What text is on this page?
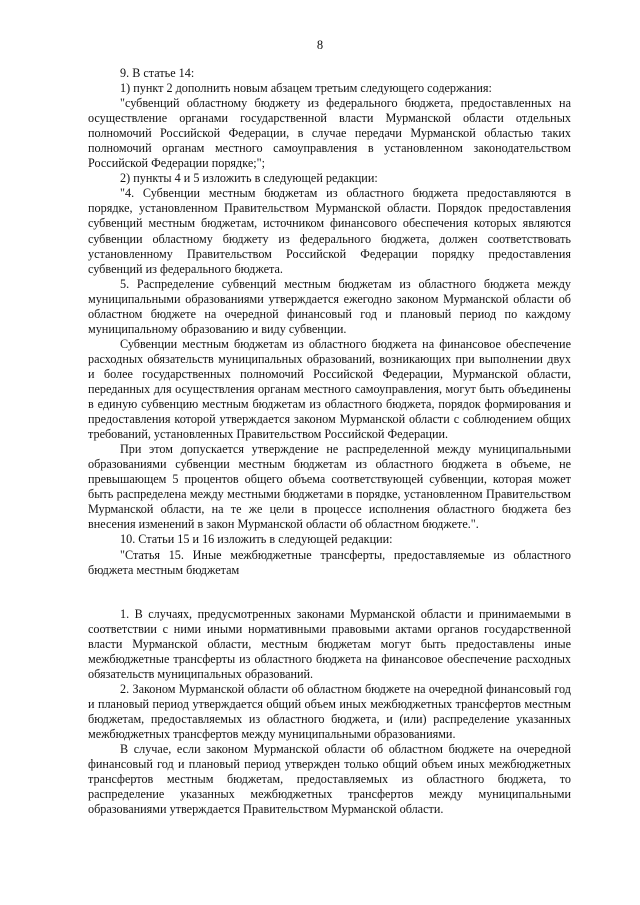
8

9. В статье 14:

1) пункт 2 дополнить новым абзацем третьим следующего содержания:

"субвенций областному бюджету из федерального бюджета, предоставленных на осуществление органами государственной власти Мурманской области отдельных полномочий Российской Федерации, в случае передачи Мурманской областью таких полномочий органам местного самоуправления в установленном законодательством Российской Федерации порядке;";

2) пункты 4 и 5 изложить в следующей редакции:

"4. Субвенции местным бюджетам из областного бюджета предоставляются в порядке, установленном Правительством Мурманской области. Порядок предоставления субвенций местным бюджетам, источником финансового обеспечения которых являются субвенции областному бюджету из федерального бюджета, должен соответствовать установленному Правительством Российской Федерации порядку предоставления субвенций из федерального бюджета.

5. Распределение субвенций местным бюджетам из областного бюджета между муниципальными образованиями утверждается ежегодно законом Мурманской области об областном бюджете на очередной финансовый год и плановый период по каждому муниципальному образованию и виду субвенции.

Субвенции местным бюджетам из областного бюджета на финансовое обеспечение расходных обязательств муниципальных образований, возникающих при выполнении двух и более государственных полномочий Российской Федерации, Мурманской области, переданных для осуществления органам местного самоуправления, могут быть объединены в единую субвенцию местным бюджетам из областного бюджета, порядок формирования и предоставления которой утверждается законом Мурманской области с соблюдением общих требований, установленных Правительством Российской Федерации.

При этом допускается утверждение не распределенной между муниципальными образованиями субвенции местным бюджетам из областного бюджета в объеме, не превышающем 5 процентов общего объема соответствующей субвенции, которая может быть распределена между местными бюджетами в порядке, установленном Правительством Мурманской области, на те же цели в процессе исполнения областного бюджета без внесения изменений в закон Мурманской области об областном бюджете.".

10. Статьи 15 и 16 изложить в следующей редакции:

"Статья 15. Иные межбюджетные трансферты, предоставляемые из областного бюджета местным бюджетам

1. В случаях, предусмотренных законами Мурманской области и принимаемыми в соответствии с ними иными нормативными правовыми актами органов государственной власти Мурманской области, местным бюджетам могут быть предоставлены иные межбюджетные трансферты из областного бюджета на финансовое обеспечение расходных обязательств муниципальных образований.

2. Законом Мурманской области об областном бюджете на очередной финансовый год и плановый период утверждается общий объем иных межбюджетных трансфертов местным бюджетам, предоставляемых из областного бюджета, и (или) распределение указанных межбюджетных трансфертов между муниципальными образованиями.

В случае, если законом Мурманской области об областном бюджете на очередной финансовый год и плановый период утвержден только общий объем иных межбюджетных трансфертов местным бюджетам, предоставляемых из областного бюджета, то распределение указанных межбюджетных трансфертов между муниципальными образованиями утверждается Правительством Мурманской области.
